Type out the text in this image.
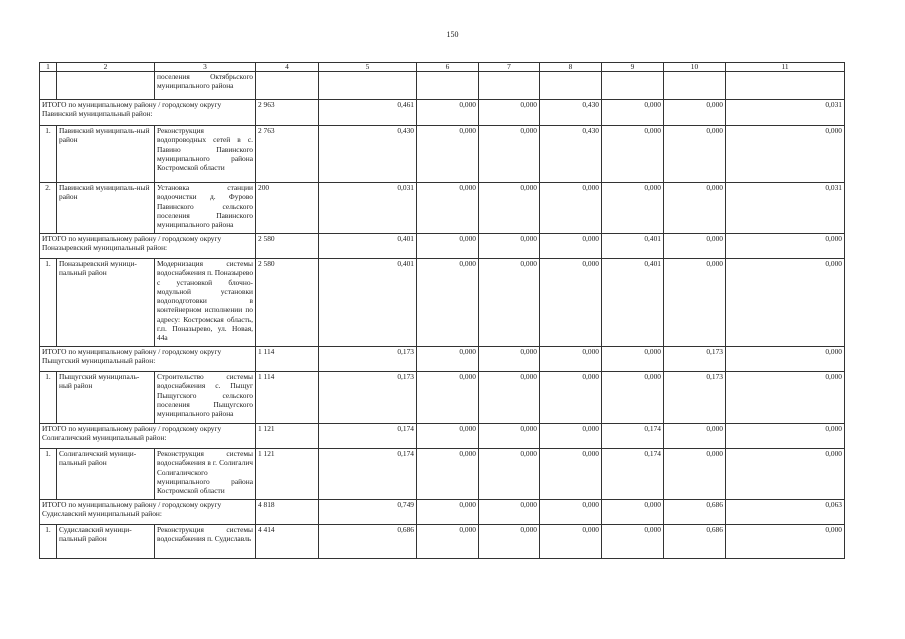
150
1	2	3	4	5	6	7	8	9	10	11
		поселения Октябрьского муниципального района								
ИТОГО по муниципальному району / городскому округу
Павинский муниципальный район:			2 963	0,461	0,000	0,000	0,430	0,000	0,000	0,031
1.	Павинский муниципаль-ный район	Реконструкция водопроводных сетей в с. Павино Павинского муниципального района Костромской области	2 763	0,430	0,000	0,000	0,430	0,000	0,000	0,000
2.	Павинский муниципаль-ный район	Установка станции водоочистки д. Фурово Павинского сельского поселения Павинского муниципального района	200	0,031	0,000	0,000	0,000	0,000	0,000	0,031
ИТОГО по муниципальному району / городскому округу
Поназыревский муниципальный район:			2 580	0,401	0,000	0,000	0,000	0,401	0,000	0,000
1.	Поназыревский муници-пальный район	Модернизация системы водоснабжения п. Поназырево с установкой блочно-модульной установки водоподготовки в контейнерном исполнении по адресу: Костромская область, г.п. Поназырево, ул. Новая, 44а	2 580	0,401	0,000	0,000	0,000	0,401	0,000	0,000
ИТОГО по муниципальному району / городскому округу
Пыщугский муниципальный район:			1 114	0,173	0,000	0,000	0,000	0,000	0,173	0,000
1.	Пыщугский муниципаль-ный район	Строительство системы водоснабжения с. Пыщуг Пыщугского сельского поселения Пыщугского муниципального района	1 114	0,173	0,000	0,000	0,000	0,000	0,173	0,000
ИТОГО по муниципальному району / городскому округу
Солигаличский муниципальный район:			1 121	0,174	0,000	0,000	0,000	0,174	0,000	0,000
1.	Солигаличский муници-пальный район	Реконструкция системы водоснабжения в г. Солигалич Солигаличского муниципального района Костромской области	1 121	0,174	0,000	0,000	0,000	0,174	0,000	0,000
ИТОГО по муниципальному району / городскому округу
Судиславский муниципальный район:			4 818	0,749	0,000	0,000	0,000	0,000	0,686	0,063
1.	Судиславский муници-пальный район	Реконструкция системы водоснабжения п. Судиславль	4 414	0,686	0,000	0,000	0,000	0,000	0,686	0,000
